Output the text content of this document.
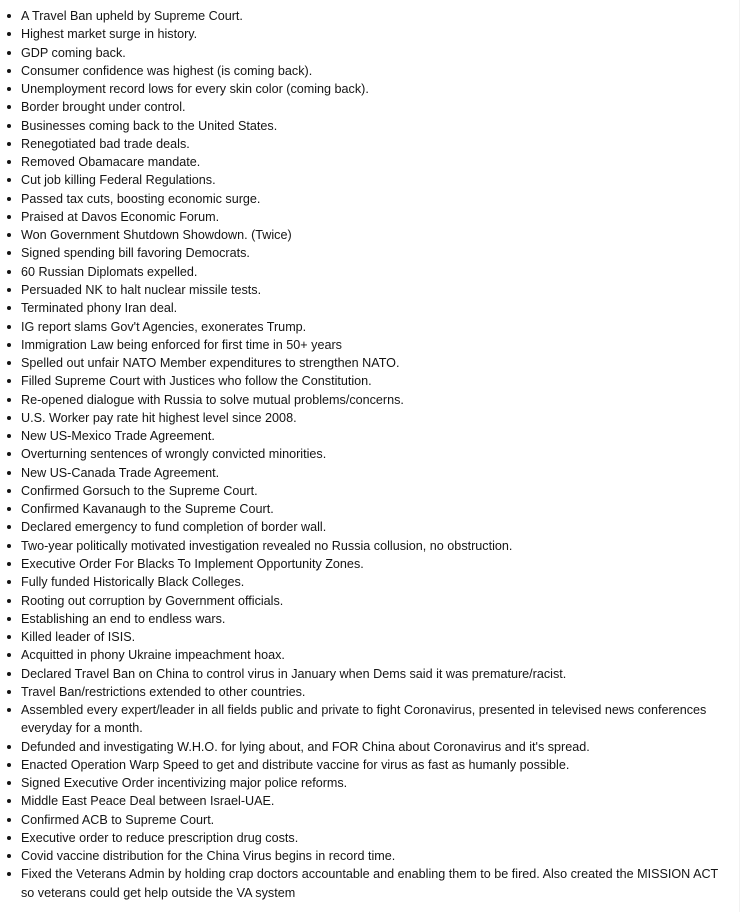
A Travel Ban upheld by Supreme Court.
Highest market surge in history.
GDP coming back.
Consumer confidence was highest (is coming back).
Unemployment record lows for every skin color (coming back).
Border brought under control.
Businesses coming back to the United States.
Renegotiated bad trade deals.
Removed Obamacare mandate.
Cut job killing Federal Regulations.
Passed tax cuts, boosting economic surge.
Praised at Davos Economic Forum.
Won Government Shutdown Showdown. (Twice)
Signed spending bill favoring Democrats.
60 Russian Diplomats expelled.
Persuaded NK to halt nuclear missile tests.
Terminated phony Iran deal.
IG report slams Gov't Agencies, exonerates Trump.
Immigration Law being enforced for first time in 50+ years
Spelled out unfair NATO Member expenditures to strengthen NATO.
Filled Supreme Court with Justices who follow the Constitution.
Re-opened dialogue with Russia to solve mutual problems/concerns.
U.S. Worker pay rate hit highest level since 2008.
New US-Mexico Trade Agreement.
Overturning sentences of wrongly convicted minorities.
New US-Canada Trade Agreement.
Confirmed Gorsuch to the Supreme Court.
Confirmed Kavanaugh to the Supreme Court.
Declared emergency to fund completion of border wall.
Two-year politically motivated investigation revealed no Russia collusion, no obstruction.
Executive Order For Blacks To Implement Opportunity Zones.
Fully funded Historically Black Colleges.
Rooting out corruption by Government officials.
Establishing an end to endless wars.
Killed leader of ISIS.
Acquitted in phony Ukraine impeachment hoax.
Declared Travel Ban on China to control virus in January when Dems said it was premature/racist.
Travel Ban/restrictions extended to other countries.
Assembled every expert/leader in all fields public and private to fight Coronavirus, presented in televised news conferences everyday for a month.
Defunded and investigating W.H.O. for lying about, and FOR China about Coronavirus and it's spread.
Enacted Operation Warp Speed to get and distribute vaccine for virus as fast as humanly possible.
Signed Executive Order incentivizing major police reforms.
Middle East Peace Deal between Israel-UAE.
Confirmed ACB to Supreme Court.
Executive order to reduce prescription drug costs.
Covid vaccine distribution for the China Virus begins in record time.
Fixed the Veterans Admin by holding crap doctors accountable and enabling them to be fired. Also created the MISSION ACT so veterans could get help outside the VA system
